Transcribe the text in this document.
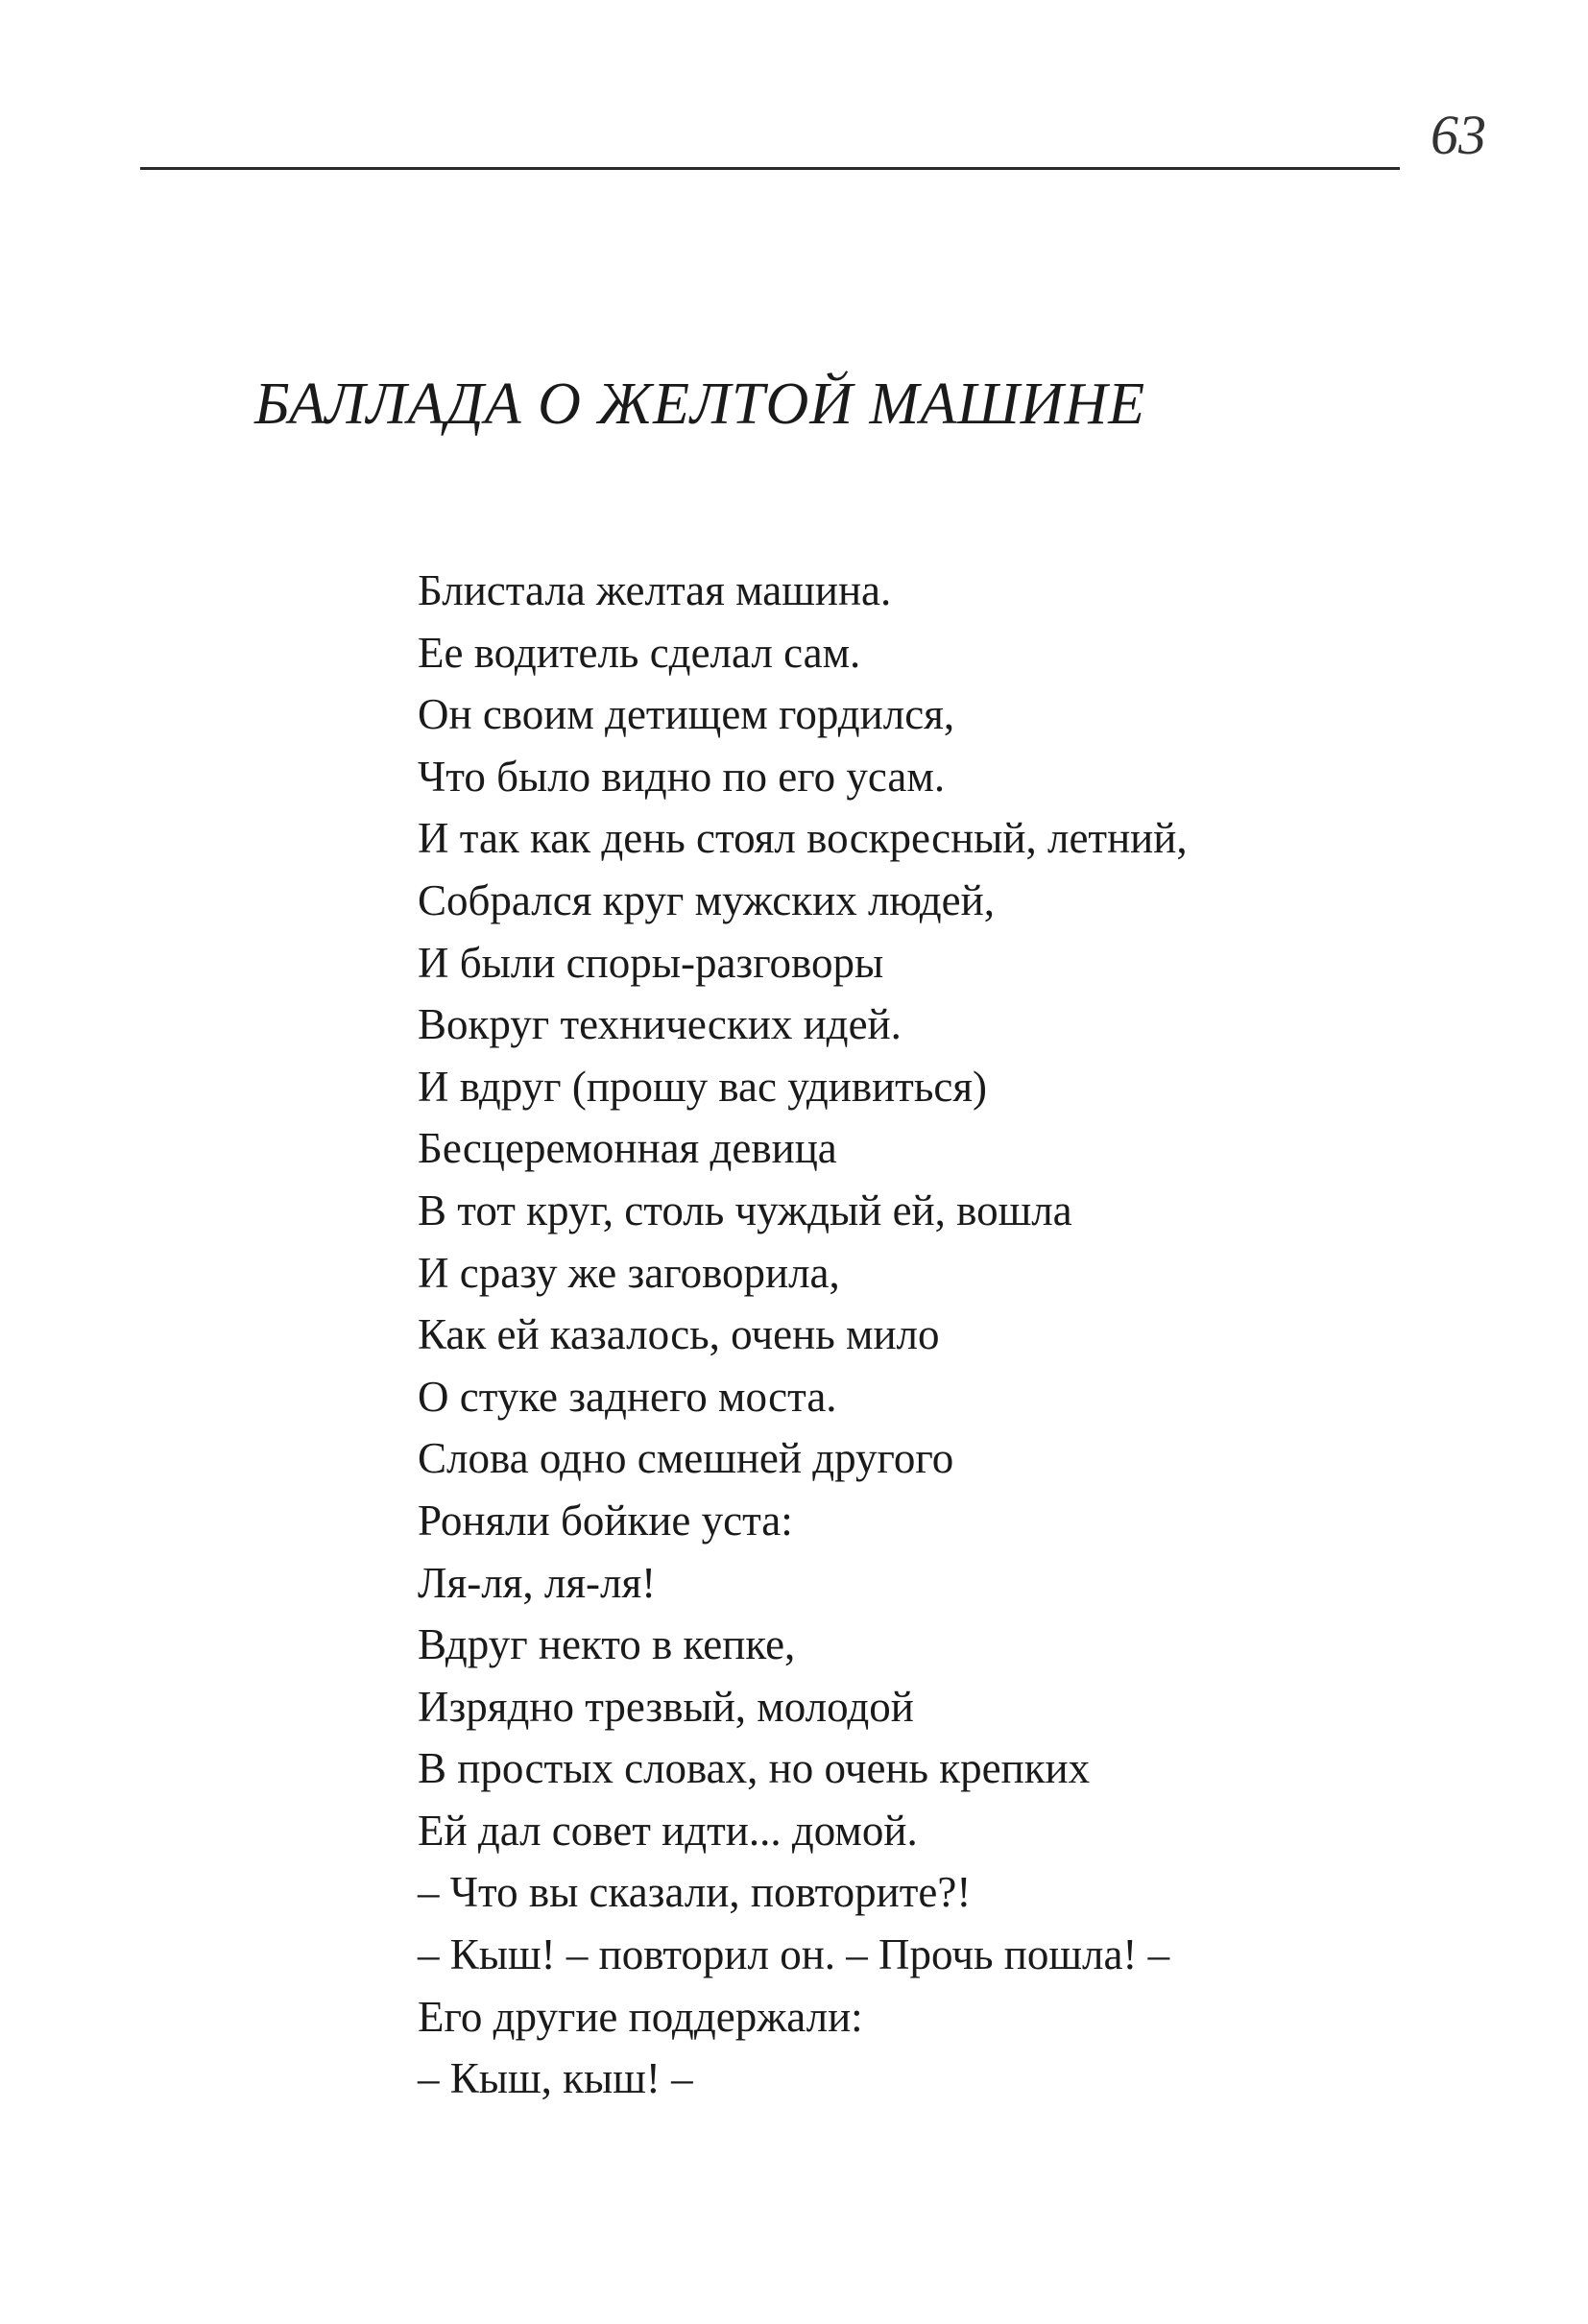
63
БАЛЛАДА О ЖЕЛТОЙ МАШИНЕ
Блистала желтая машина.
Ее водитель сделал сам.
Он своим детищем гордился,
Что было видно по его усам.
И так как день стоял воскресный, летний,
Собрался круг мужских людей,
И были споры-разговоры
Вокруг технических идей.
И вдруг (прошу вас удивиться)
Бесцеремонная девица
В тот круг, столь чуждый ей, вошла
И сразу же заговорила,
Как ей казалось, очень мило
О стуке заднего моста.
Слова одно смешней другого
Роняли бойкие уста:
Ля-ля, ля-ля!
Вдруг некто в кепке,
Изрядно трезвый, молодой
В простых словах, но очень крепких
Ей дал совет идти... домой.
– Что вы сказали, повторите?!
– Кыш! – повторил он. – Прочь пошла! –
Его другие поддержали:
– Кыш, кыш! –
